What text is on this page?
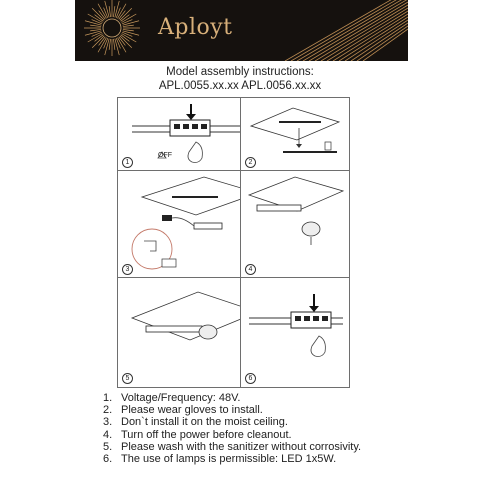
Aployt
Model assembly instructions:
APL.0055.xx.xx APL.0056.xx.xx
OFF
1	2
3	4
5	6
1. Voltage/Frequency: 48V.
2. Please wear gloves to install.
3. Don`t install it on the moist ceiling.
4. Turn off the power before cleanout.
5. Please wash with the sanitizer without corrosivity.
6. The use of lamps is permissible: LED 1x5W.
